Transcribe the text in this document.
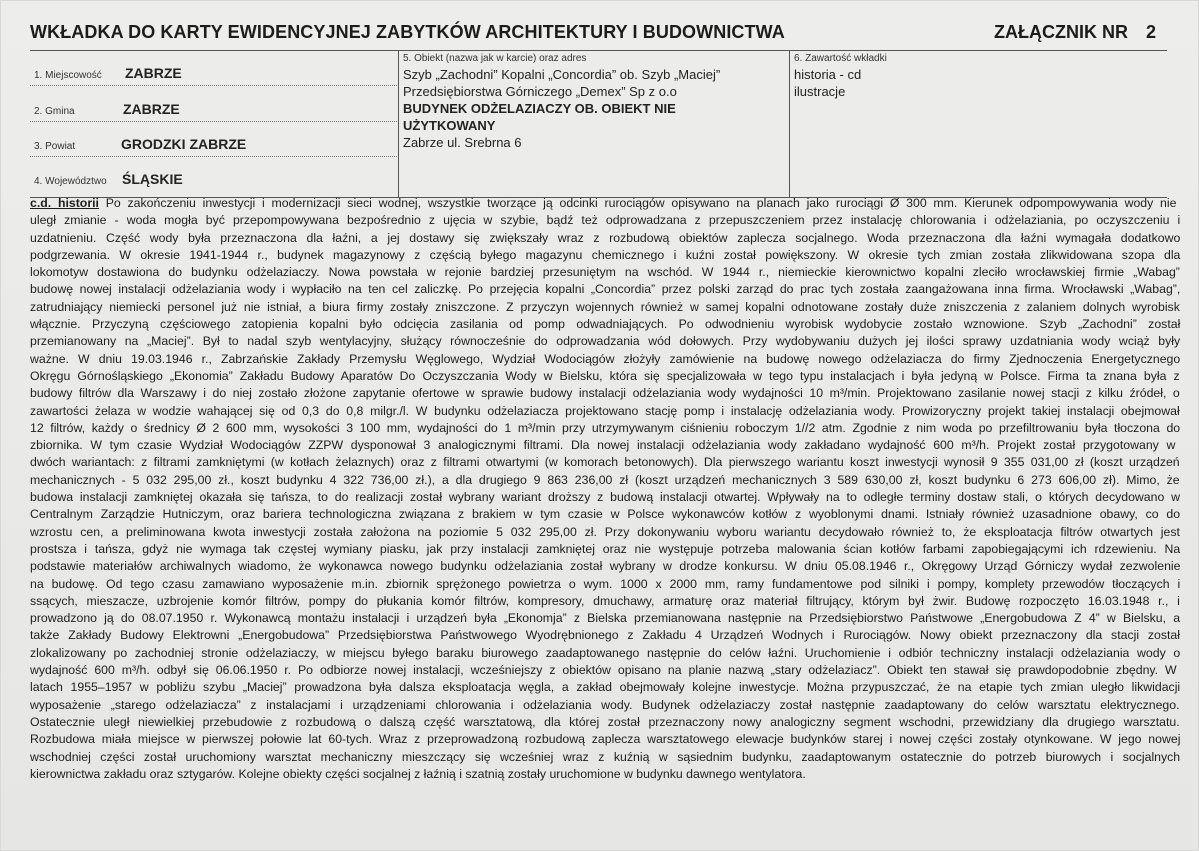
WKŁADKA DO KARTY EWIDENCYJNEJ ZABYTKÓW ARCHITEKTURY I BUDOWNICTWA	ZAŁĄCZNIK NR 2
1. Miejscowość ZABRZE
2. Gmina	ZABRZE
3. Powiat	GRODZKI ZABRZE
4. Województwo ŚLĄSKIE
5. Obiekt (nazwa jak w karcie) oraz adres
Szyb „Zachodni” Kopalni „Concordia” ob. Szyb „Maciej”
Przedsiębiorstwa Górniczego „Demex” Sp z o.o
BUDYNEK ODŻELAZIACZY OB. OBIEKT NIE
UŻYTKOWANY
Zabrze ul. Srebrna 6
6. Zawartość wkładki
historia - cd
ilustracje
c.d. historii Po zakończeniu inwestycji i modernizacji sieci wodnej, wszystkie tworzące ją odcinki rurociągów opisywano na planach jako rurociągi Ø 300 mm. Kierunek odpompowywania wody nie
uległ zmianie - woda mogła być przepompowywana bezpośrednio z ujęcia w szybie, bądź też odprowadzana z przepuszczeniem przez instalację chlorowania i odżelaziania, po oczyszczeniu i
uzdatnieniu. Część wody była przeznaczona dla łaźni, a jej dostawy się zwiększały wraz z rozbudową obiektów zaplecza socjalnego. Woda przeznaczona dla łaźni wymagała dodatkowo
podgrzewania. W okresie 1941-1944 r., budynek magazynowy z częścią byłego magazynu chemicznego i kuźni został powiększony. W okresie tych zmian została zlikwidowana szopa dla
lokomotyw dostawiona do budynku odżelaziaczy. Nowa powstała w rejonie bardziej przesuniętym na wschód. W 1944 r., niemieckie kierownictwo kopalni zleciło wrocławskiej firmie „Wabag”
budowę nowej instalacji odżelaziania wody i wypłaciło na ten cel zaliczkę. Po przejęcia kopalni „Concordia” przez polski zarząd do prac tych została zaangażowana inna firma. Wrocławski „Wabag”,
zatrudniający niemiecki personel już nie istniał, a biura firmy zostały zniszczone. Z przyczyn wojennych również w samej kopalni odnotowane zostały duże zniszczenia z zalaniem dolnych wyrobisk
włącznie. Przyczyną częściowego zatopienia kopalni było odcięcia zasilania od pomp odwadniających. Po odwodnieniu wyrobisk wydobycie zostało wznowione. Szyb „Zachodni” został
przemianowany na „Maciej”. Był to nadal szyb wentylacyjny, służący równocześnie do odprowadzania wód dołowych. Przy wydobywaniu dużych jej ilości sprawy uzdatniania wody wciąż były
ważne. W dniu 19.03.1946 r., Zabrzańskie Zakłady Przemysłu Węglowego, Wydział Wodociągów złożyły zamówienie na budowę nowego odżelaziacza do firmy Zjednoczenia Energetycznego
Okręgu Górnośląskiego „Ekonomia” Zakładu Budowy Aparatów Do Oczyszczania Wody w Bielsku, która się specjalizowała w tego typu instalacjach i była jedyną w Polsce. Firma ta znana była z
budowy filtrów dla Warszawy i do niej zostało złożone zapytanie ofertowe w sprawie budowy instalacji odżelaziania wody wydajności 10 m³/min. Projektowano zasilanie nowej stacji z kilku źródeł, o
zawartości żelaza w wodzie wahającej się od 0,3 do 0,8 milgr./l. W budynku odżelaziacza projektowano stację pomp i instalację odżelaziania wody. Prowizoryczny projekt takiej instalacji obejmował
12 filtrów, każdy o średnicy Ø 2 600 mm, wysokości 3 100 mm, wydajności do 1 m³/min przy utrzymywanym ciśnieniu roboczym 1//2 atm. Zgodnie z nim woda po przefiltrowaniu była tłoczona do
zbiornika. W tym czasie Wydział Wodociągów ZZPW dysponował 3 analogicznymi filtrami. Dla nowej instalacji odżelaziania wody zakładano wydajność 600 m³/h. Projekt został przygotowany w
dwóch wariantach: z filtrami zamkniętymi (w kotłach żelaznych) oraz z filtrami otwartymi (w komorach betonowych). Dla pierwszego wariantu koszt inwestycji wynosił 9 355 031,00 zł (koszt urządzeń
mechanicznych - 5 032 295,00 zł., koszt budynku 4 322 736,00 zł.), a dla drugiego 9 863 236,00 zł (koszt urządzeń mechanicznych 3 589 630,00 zł, koszt budynku 6 273 606,00 zł). Mimo, że
budowa instalacji zamkniętej okazała się tańsza, to do realizacji został wybrany wariant droższy z budową instalacji otwartej. Wpływały na to odległe terminy dostaw stali, o których decydowano w
Centralnym Zarządzie Hutniczym, oraz bariera technologiczna związana z brakiem w tym czasie w Polsce wykonawców kotłów z wyoblonymi dnami. Istniały również uzasadnione obawy, co do
wzrostu cen, a preliminowana kwota inwestycji została założona na poziomie 5 032 295,00 zł. Przy dokonywaniu wyboru wariantu decydowało również to, że eksploatacja filtrów otwartych jest
prostsza i tańsza, gdyż nie wymaga tak częstej wymiany piasku, jak przy instalacji zamkniętej oraz nie występuje potrzeba malowania ścian kotłów farbami zapobiegającymi ich rdzewieniu. Na
podstawie materiałów archiwalnych wiadomo, że wykonawca nowego budynku odżelaziania został wybrany w drodze konkursu. W dniu 05.08.1946 r., Okręgowy Urząd Górniczy wydał zezwolenie
na budowę. Od tego czasu zamawiano wyposażenie m.in. zbiornik sprężonego powietrza o wym. 1000 x 2000 mm, ramy fundamentowe pod silniki i pompy, komplety przewodów tłoczących i
ssących, mieszacze, uzbrojenie komór filtrów, pompy do płukania komór filtrów, kompresory, dmuchawy, armaturę oraz materiał filtrujący, którym był żwir. Budowę rozpoczęto 16.03.1948 r., i
prowadzono ją do 08.07.1950 r. Wykonawcą montażu instalacji i urządzeń była „Ekonomja” z Bielska przemianowana następnie na Przedsiębiorstwo Państwowe „Energobudowa Z 4” w Bielsku, a
także Zakłady Budowy Elektrowni „Energobudowa” Przedsiębiorstwa Państwowego Wyodrębnionego z Zakładu 4 Urządzeń Wodnych i Rurociągów. Nowy obiekt przeznaczony dla stacji został
zlokalizowany po zachodniej stronie odżelaziaczy, w miejscu byłego baraku biurowego zaadaptowanego następnie do celów łaźni. Uruchomienie i odbiór techniczny instalacji odżelaziania wody o
wydajność 600 m³/h. odbył się 06.06.1950 r. Po odbiorze nowej instalacji, wcześniejszy z obiektów opisano na planie nazwą „stary odżelaziacz”. Obiekt ten stawał się prawdopodobnie zbędny. W
latach 1955–1957 w pobliżu szybu „Maciej” prowadzona była dalsza eksploatacja węgla, a zakład obejmowały kolejne inwestycje. Można przypuszczać, że na etapie tych zmian uległo likwidacji
wyposażenie „starego odżelaziacza” z instalacjami i urządzeniami chlorowania i odżelaziania wody. Budynek odżelaziaczy został następnie zaadaptowany do celów warsztatu elektrycznego.
Ostatecznie uległ niewielkiej przebudowie z rozbudową o dalszą część warsztatową, dla której został przeznaczony nowy analogiczny segment wschodni, przewidziany dla drugiego warsztatu.
Rozbudowa miała miejsce w pierwszej połowie lat 60-tych. Wraz z przeprowadzoną rozbudową zaplecza warsztatowego elewacje budynków starej i nowej części zostały otynkowane. W jego nowej
wschodniej części został uruchomiony warsztat mechaniczny mieszczący się wcześniej wraz z kuźnią w sąsiednim budynku, zaadaptowanym ostatecznie do potrzeb biurowych i socjalnych
kierownictwa zakładu oraz sztygarów. Kolejne obiekty części socjalnej z łaźnią i szatnią zostały uruchomione w budynku dawnego wentylatora.
